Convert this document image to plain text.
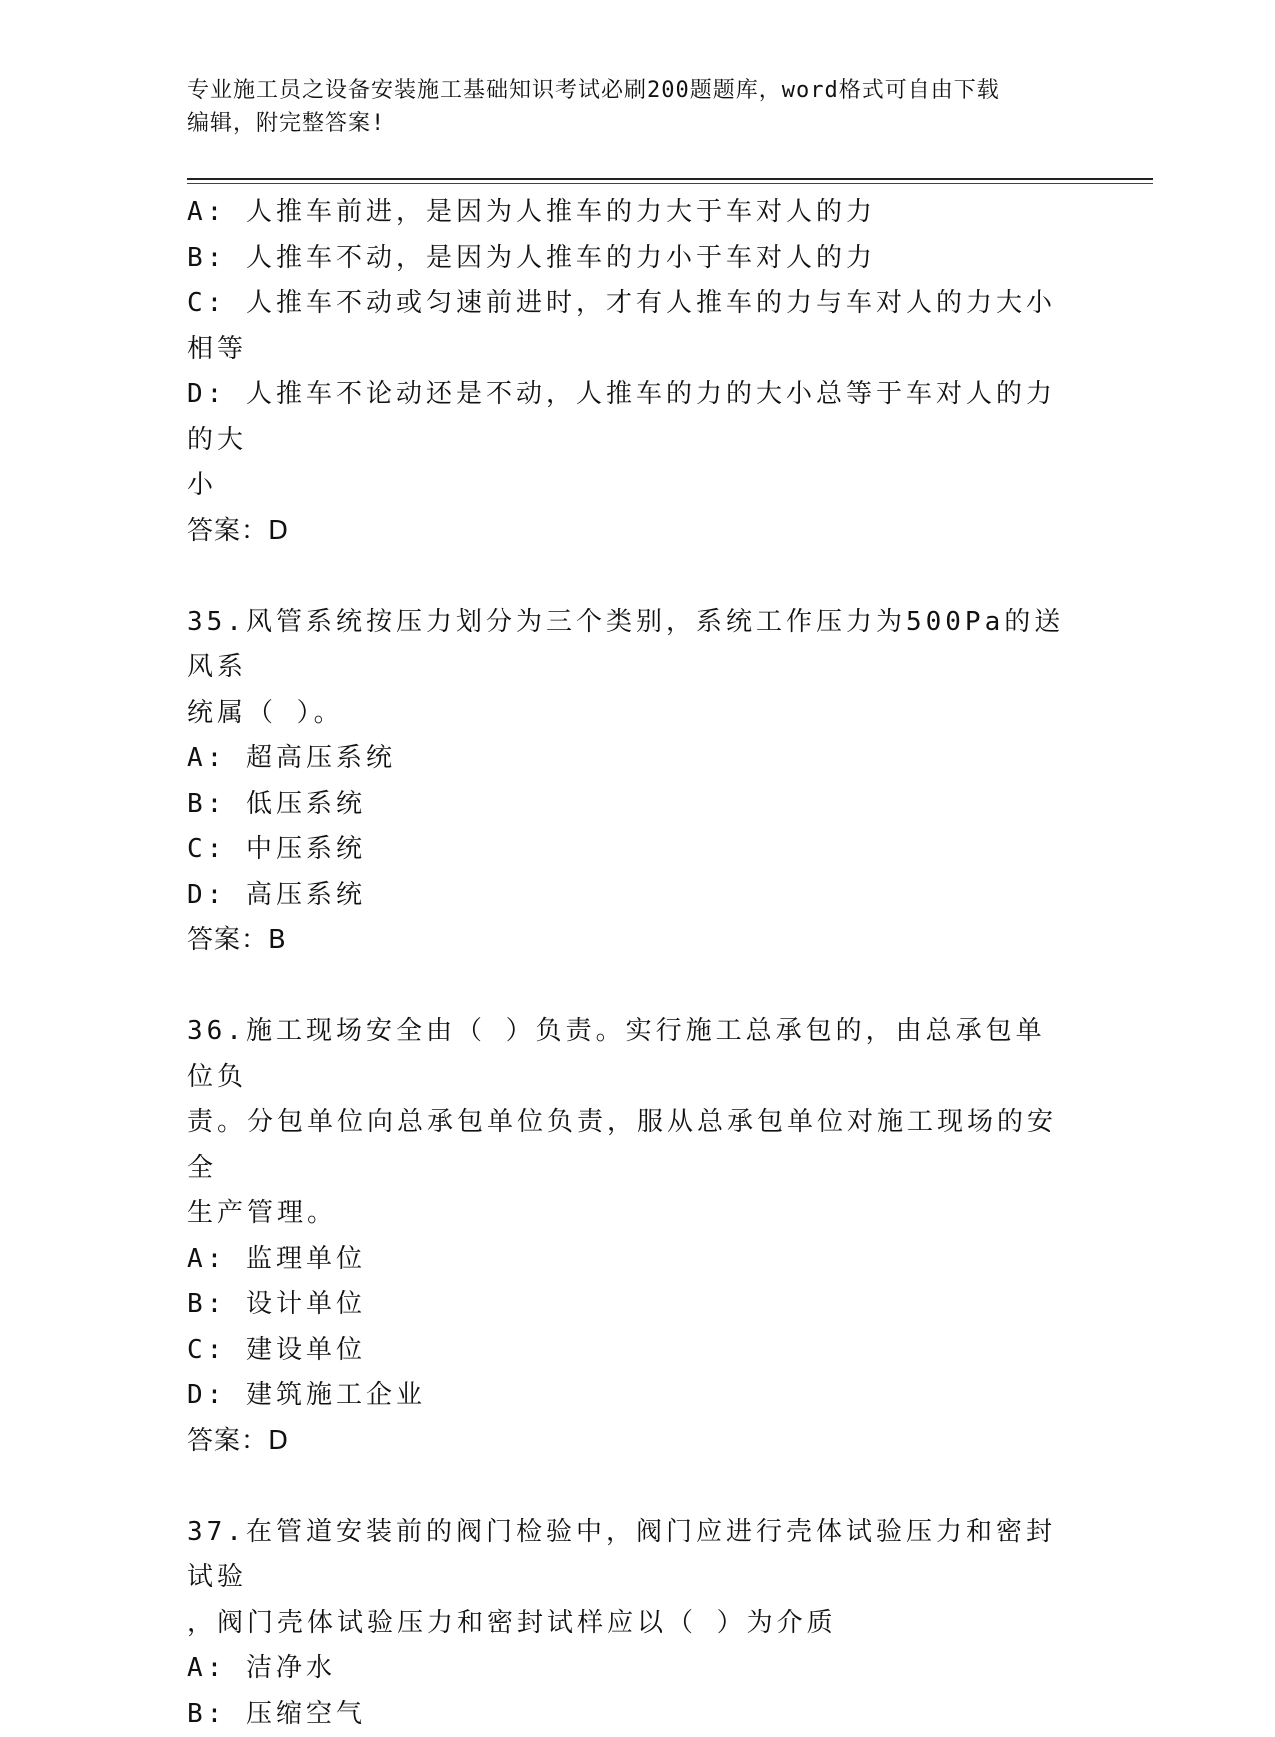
专业施工员之设备安装施工基础知识考试必刷200题题库，word格式可自由下载
编辑，附完整答案!
A: 人推车前进，是因为人推车的力大于车对人的力
B: 人推车不动，是因为人推车的力小于车对人的力
C: 人推车不动或匀速前进时，才有人推车的力与车对人的力大小相等
D: 人推车不论动还是不动，人推车的力的大小总等于车对人的力的大
小
答案：D
35.风管系统按压力划分为三个类别，系统工作压力为500Pa的送风系
统属（ ）。
A: 超高压系统
B: 低压系统
C: 中压系统
D: 高压系统
答案：B
36.施工现场安全由（ ）负责。实行施工总承包的，由总承包单位负
责。分包单位向总承包单位负责，服从总承包单位对施工现场的安全
生产管理。
A: 监理单位
B: 设计单位
C: 建设单位
D: 建筑施工企业
答案：D
37.在管道安装前的阀门检验中，阀门应进行壳体试验压力和密封试验
，阀门壳体试验压力和密封试样应以（ ）为介质
A: 洁净水
B: 压缩空气
